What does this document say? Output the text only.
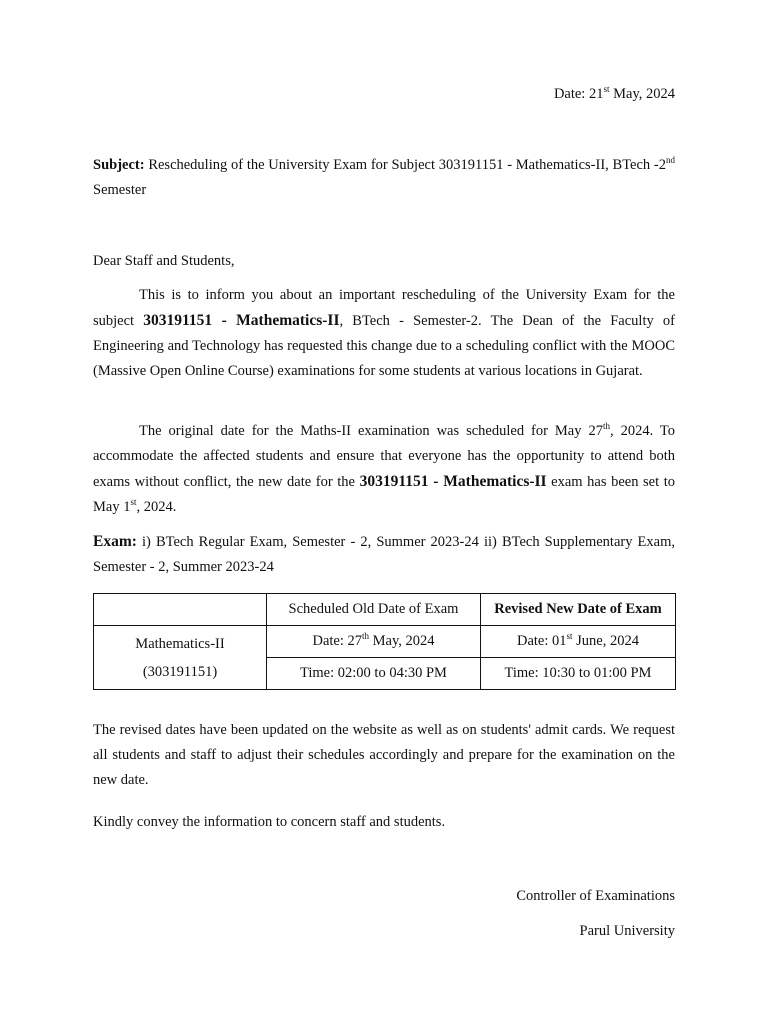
Date: 21st May, 2024
Subject: Rescheduling of the University Exam for Subject 303191151 - Mathematics-II, BTech -2nd Semester
Dear Staff and Students,
This is to inform you about an important rescheduling of the University Exam for the subject 303191151 - Mathematics-II, BTech - Semester-2. The Dean of the Faculty of Engineering and Technology has requested this change due to a scheduling conflict with the MOOC (Massive Open Online Course) examinations for some students at various locations in Gujarat.
The original date for the Maths-II examination was scheduled for May 27th, 2024. To accommodate the affected students and ensure that everyone has the opportunity to attend both exams without conflict, the new date for the 303191151 - Mathematics-II exam has been set to May 1st, 2024.
Exam: i) BTech Regular Exam, Semester - 2, Summer 2023-24 ii) BTech Supplementary Exam, Semester - 2, Summer 2023-24
	Scheduled Old Date of Exam	Revised New Date of Exam
Mathematics-II
(303191151)	Date: 27th May, 2024	Date: 01st June, 2024
	Time: 02:00 to 04:30 PM	Time: 10:30 to 01:00 PM
The revised dates have been updated on the website as well as on students' admit cards. We request all students and staff to adjust their schedules accordingly and prepare for the examination on the new date.
Kindly convey the information to concern staff and students.
Controller of Examinations
Parul University
